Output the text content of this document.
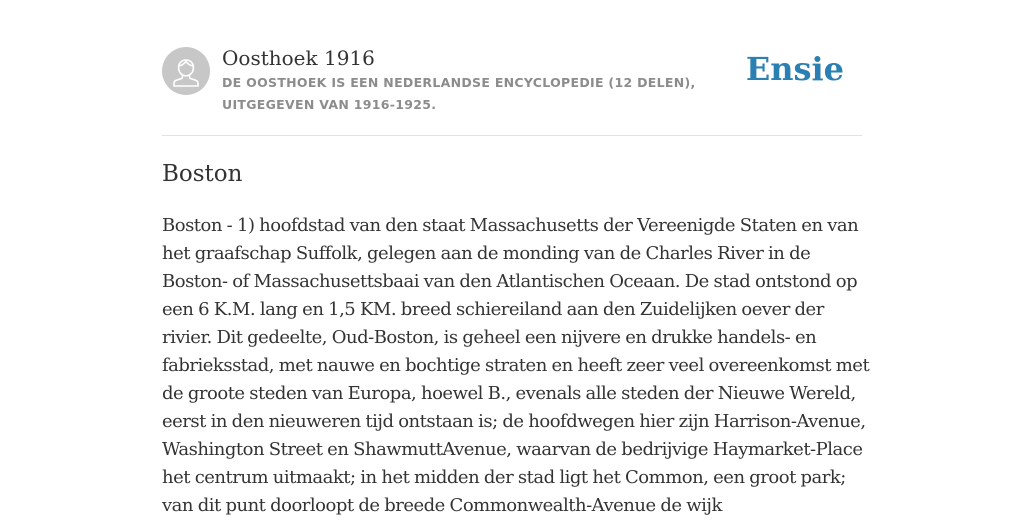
Oosthoek 1916
DE OOSTHOEK IS EEN NEDERLANDSE ENCYCLOPEDIE (12 DELEN), UITGEGEVEN VAN 1916-1925.
Ensie
Boston

Boston - 1) hoofdstad van den staat Massachusetts der Vereenigde Staten en van het graafschap Suffolk, gelegen aan de monding van de Charles River in de Boston- of Massachusettsbaai van den Atlantischen Oceaan. De stad ontstond op een 6 K.M. lang en 1,5 KM. breed schiereiland aan den Zuidelijken oever der rivier. Dit gedeelte, Oud-Boston, is geheel een nijvere en drukke handels- en fabrieksstad, met nauwe en bochtige straten en heeft zeer veel overeenkomst met de groote steden van Europa, hoewel B., evenals alle steden der Nieuwe Wereld, eerst in den nieuweren tijd ontstaan is; de hoofdwegen hier zijn Harrison-Avenue, Washington Street en ShawmuttAvenue, waarvan de bedrijvige Haymarket-Place het centrum uitmaakt; in het midden der stad ligt het Common, een groot park; van dit punt doorloopt de breede Commonwealth-Avenue de wijk
